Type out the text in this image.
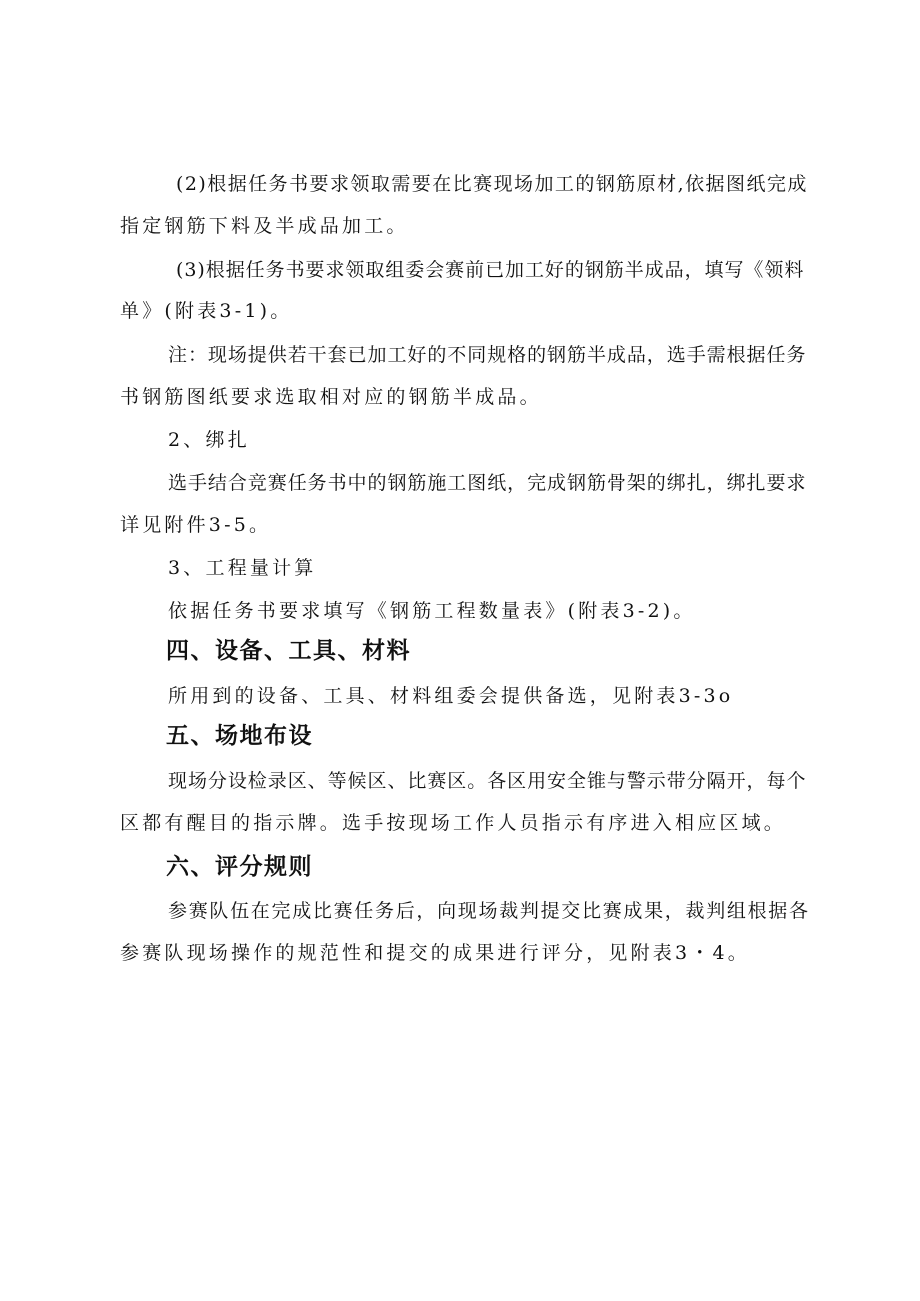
(2)根据任务书要求领取需要在比赛现场加工的钢筋原材,依据图纸完成
指定钢筋下料及半成品加工。
(3)根据任务书要求领取组委会赛前已加工好的钢筋半成品，填写《领料
单》(附表3-1)。
注：现场提供若干套已加工好的不同规格的钢筋半成品，选手需根据任务
书钢筋图纸要求选取相对应的钢筋半成品。
2、绑扎
选手结合竞赛任务书中的钢筋施工图纸，完成钢筋骨架的绑扎，绑扎要求
详见附件3-5。
3、工程量计算
依据任务书要求填写《钢筋工程数量表》(附表3-2)。
四、设备、工具、材料
所用到的设备、工具、材料组委会提供备选，见附表3-3o
五、场地布设
现场分设检录区、等候区、比赛区。各区用安全锥与警示带分隔开，每个
区都有醒目的指示牌。选手按现场工作人员指示有序进入相应区域。
六、评分规则
参赛队伍在完成比赛任务后，向现场裁判提交比赛成果，裁判组根据各
参赛队现场操作的规范性和提交的成果进行评分，见附表3・4。
